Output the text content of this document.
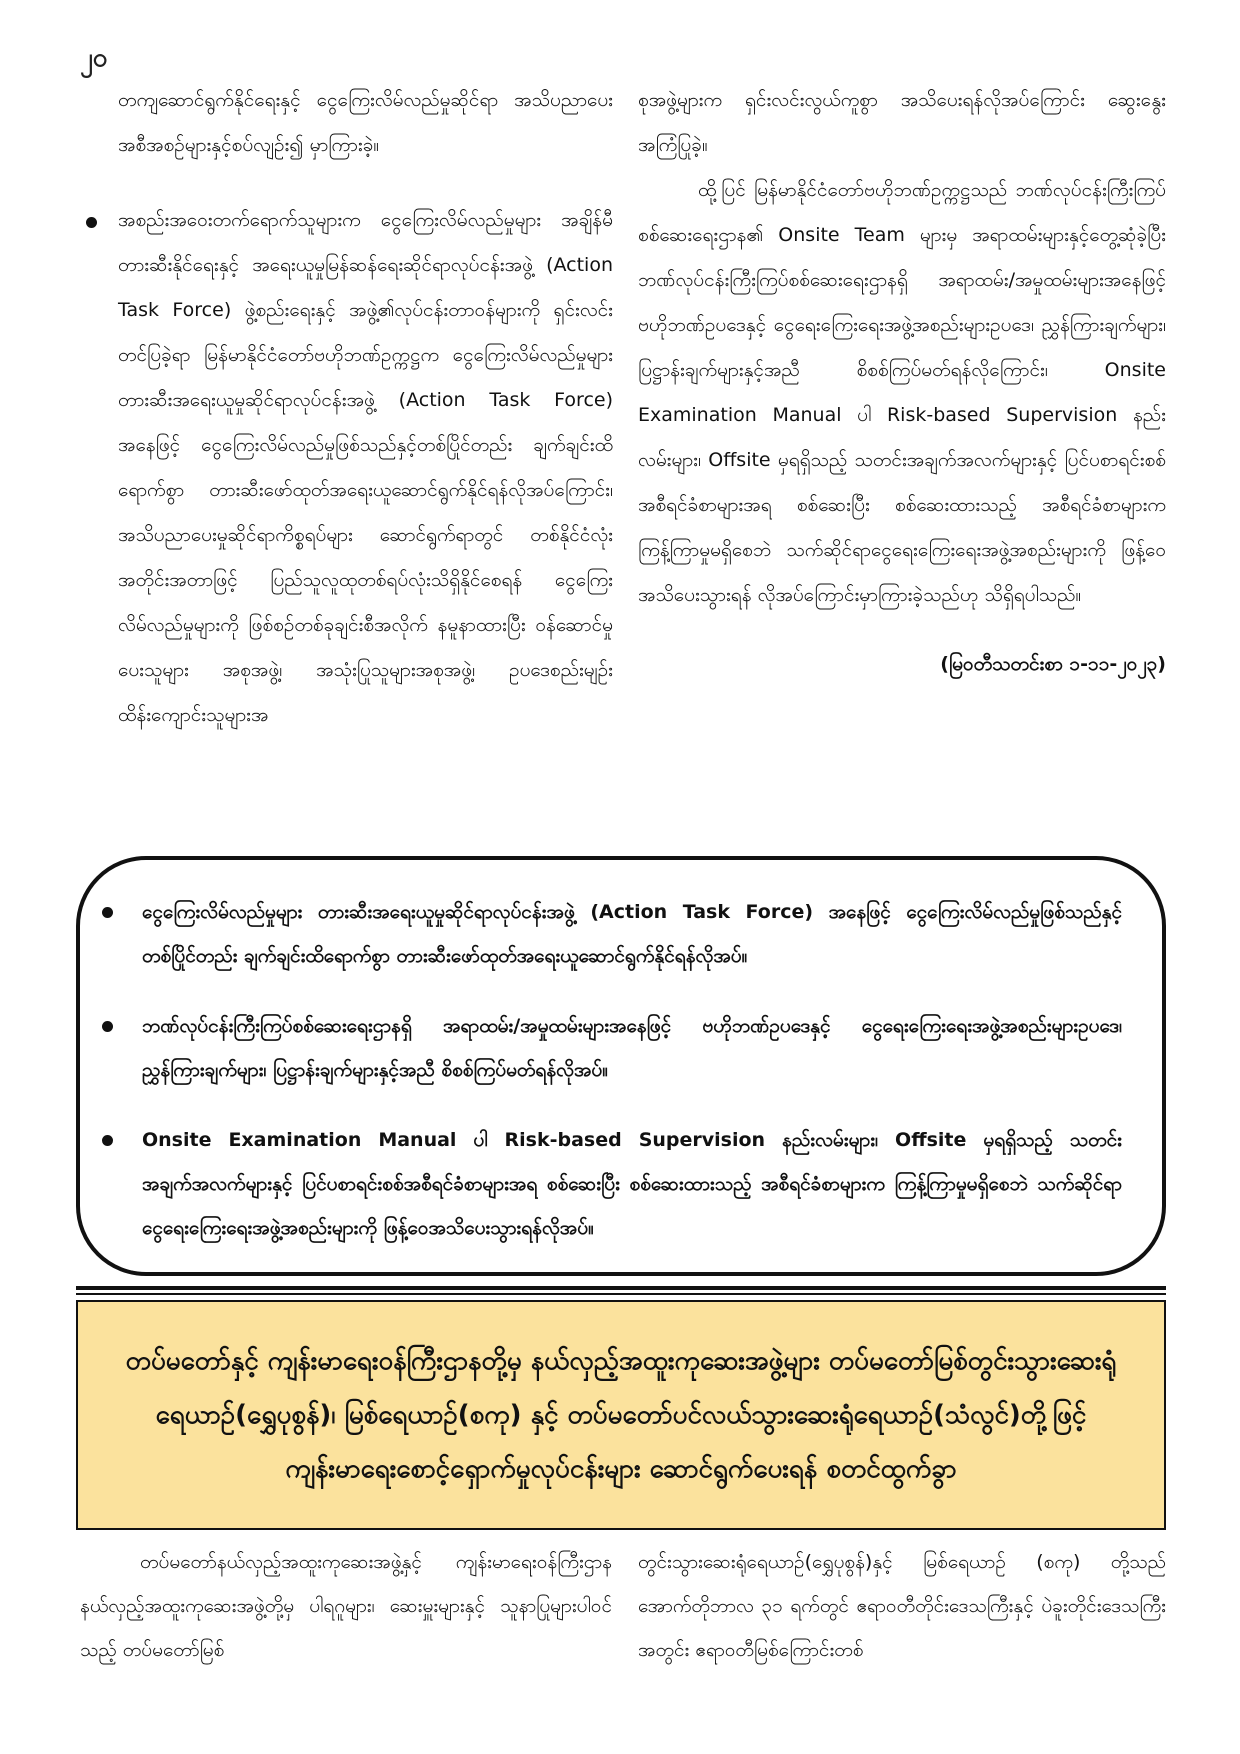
၂၀

တကျဆောင်ရွက်နိုင်ရေးနှင့် ငွေကြေးလိမ်လည်မှုဆိုင်ရာ အသိပညာပေးအစီအစဉ်များနှင့်စပ်လျဉ်း၍ မှာကြားခဲ့။

အစည်းအဝေးတက်ရောက်သူများက ငွေကြေးလိမ်လည်မှုများ အချိန်မီတားဆီးနိုင်ရေးနှင့် အရေးယူမှုမြန်ဆန်ရေးဆိုင်ရာလုပ်ငန်းအဖွဲ့ (Action Task Force) ဖွဲ့စည်းရေးနှင့် အဖွဲ့၏လုပ်ငန်းတာဝန်များကို ရှင်းလင်းတင်ပြခဲ့ရာ မြန်မာနိုင်ငံတော်ဗဟိုဘဏ်ဥက္ကဋ္ဌက ငွေကြေးလိမ်လည်မှုများ တားဆီးအရေးယူမှုဆိုင်ရာလုပ်ငန်းအဖွဲ့ (Action Task Force) အနေဖြင့် ငွေကြေးလိမ်လည်မှုဖြစ်သည်နှင့်တစ်ပြိုင်တည်း ချက်ချင်းထိရောက်စွာ တားဆီးဖော်ထုတ်အရေးယူဆောင်ရွက်နိုင်ရန်လိုအပ်ကြောင်း၊ အသိပညာပေးမှုဆိုင်ရာကိစ္စရပ်များ ဆောင်ရွက်ရာတွင် တစ်နိုင်ငံလုံးအတိုင်းအတာဖြင့် ပြည်သူလူထုတစ်ရပ်လုံးသိရှိနိုင်စေရန် ငွေကြေးလိမ်လည်မှုများကို ဖြစ်စဉ်တစ်ခုချင်းစီအလိုက် နမူနာထားပြီး ဝန်ဆောင်မှုပေးသူများ အစုအဖွဲ့၊ အသုံးပြုသူများအစုအဖွဲ့၊ ဥပဒေစည်းမျဉ်းထိန်းကျောင်းသူများအ

စုအဖွဲ့များက ရှင်းလင်းလွယ်ကူစွာ အသိပေးရန်လိုအပ်ကြောင်း ဆွေးနွေးအကြံပြုခဲ့။

ထို့ပြင် မြန်မာနိုင်ငံတော်ဗဟိုဘဏ်ဥက္ကဋ္ဌသည် ဘဏ်လုပ်ငန်းကြီးကြပ်စစ်ဆေးရေးဌာန၏ Onsite Team များမှ အရာထမ်းများနှင့်တွေ့ဆုံခဲ့ပြီး ဘဏ်လုပ်ငန်းကြီးကြပ်စစ်ဆေးရေးဌာနရှိ အရာထမ်း/အမှုထမ်းများအနေဖြင့် ဗဟိုဘဏ်ဥပဒေနှင့် ငွေရေးကြေးရေးအဖွဲ့အစည်းများဥပဒေ၊ ညွှန်ကြားချက်များ၊ ပြဋ္ဌာန်းချက်များနှင့်အညီ စိစစ်ကြပ်မတ်ရန်လိုကြောင်း၊ Onsite Examination Manual ပါ Risk-based Supervision နည်းလမ်းများ၊ Offsite မှရရှိသည့် သတင်းအချက်အလက်များနှင့် ပြင်ပစာရင်းစစ်အစီရင်ခံစာများအရ စစ်ဆေးပြီး စစ်ဆေးထားသည့် အစီရင်ခံစာများက ကြန့်ကြာမှုမရှိစေဘဲ သက်ဆိုင်ရာငွေရေးကြေးရေးအဖွဲ့အစည်းများကို ဖြန့်ဝေအသိပေးသွားရန် လိုအပ်ကြောင်းမှာကြားခဲ့သည်ဟု သိရှိရပါသည်။

(မြဝတီသတင်းစာ ၁-၁၁-၂၀၂၃)

ငွေကြေးလိမ်လည်မှုများ တားဆီးအရေးယူမှုဆိုင်ရာလုပ်ငန်းအဖွဲ့ (Action Task Force) အနေဖြင့် ငွေကြေးလိမ်လည်မှုဖြစ်သည်နှင့်တစ်ပြိုင်တည်း ချက်ချင်းထိရောက်စွာ တားဆီးဖော်ထုတ်အရေးယူဆောင်ရွက်နိုင်ရန်လိုအပ်။
ဘဏ်လုပ်ငန်းကြီးကြပ်စစ်ဆေးရေးဌာနရှိ အရာထမ်း/အမှုထမ်းများအနေဖြင့် ဗဟိုဘဏ်ဥပဒေနှင့် ငွေရေးကြေးရေးအဖွဲ့အစည်းများဥပဒေ၊ ညွှန်ကြားချက်များ၊ ပြဋ္ဌာန်းချက်များနှင့်အညီ စိစစ်ကြပ်မတ်ရန်လိုအပ်။
Onsite Examination Manual ပါ Risk-based Supervision နည်းလမ်းများ၊ Offsite မှရရှိသည့် သတင်းအချက်အလက်များနှင့် ပြင်ပစာရင်းစစ်အစီရင်ခံစာများအရ စစ်ဆေးပြီး စစ်ဆေးထားသည့် အစီရင်ခံစာများက ကြန့်ကြာမှုမရှိစေဘဲ သက်ဆိုင်ရာငွေရေးကြေးရေးအဖွဲ့အစည်းများကို ဖြန့်ဝေအသိပေးသွားရန်လိုအပ်။
တပ်မတော်နှင့် ကျန်းမာရေးဝန်ကြီးဌာနတို့မှ နယ်လှည့်အထူးကုဆေးအဖွဲ့များ တပ်မတော်မြစ်တွင်းသွားဆေးရုံရေယာဉ်(ရွှေပုစွန်)၊ မြစ်ရေယာဉ်(စကု) နှင့် တပ်မတော်ပင်လယ်သွားဆေးရုံရေယာဉ်(သံလွင်)တို့ဖြင့် ကျန်းမာရေးစောင့်ရှောက်မှုလုပ်ငန်းများ ဆောင်ရွက်ပေးရန် စတင်ထွက်ခွာ

တပ်မတော်နယ်လှည့်အထူးကုဆေးအဖွဲ့နှင့် ကျန်းမာရေးဝန်ကြီးဌာန နယ်လှည့်အထူးကုဆေးအဖွဲ့တို့မှ ပါရဂူများ၊ ဆေးမှူးများနှင့် သူနာပြုများပါဝင်သည့် တပ်မတော်မြစ်

တွင်းသွားဆေးရုံရေယာဉ်(ရွှေပုစွန်)နှင့် မြစ်ရေယာဉ် (စကု) တို့သည် အောက်တိုဘာလ ၃၁ ရက်တွင် ဧရာဝတီတိုင်းဒေသကြီးနှင့် ပဲခူးတိုင်းဒေသကြီးအတွင်း ဧရာဝတီမြစ်ကြောင်းတစ်
